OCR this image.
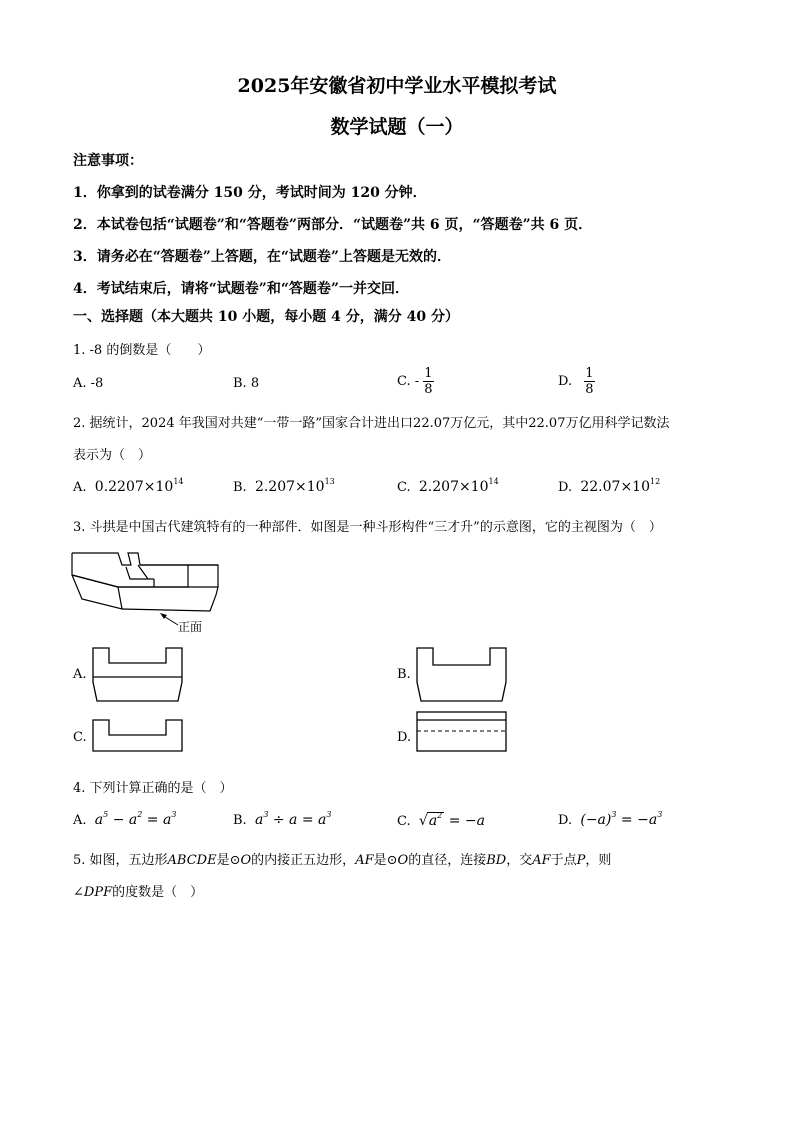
2025年安徽省初中学业水平模拟考试
数学试题（一）
注意事项：
1．你拿到的试卷满分 150 分，考试时间为 120 分钟．
2．本试卷包括“试题卷”和“答题卷”两部分．“试题卷”共 6 页，“答题卷”共 6 页．
3．请务必在“答题卷”上答题，在“试题卷”上答题是无效的．
4．考试结束后，请将“试题卷”和“答题卷”一并交回．
一、选择题（本大题共 10 小题，每小题 4 分，满分 40 分）
1. -8 的倒数是（　　）
A. -8	B. 8	C. - $\frac{1}{8}$	D. $\frac{1}{8}$
2. 据统计，2024 年我国对共建“一带一路”国家合计进出口22.07万亿元，其中22.07万亿用科学记数法
表示为（　）
A. $0.2207\times 10^{14}$	B. $2.207\times 10^{13}$	C. $2.207\times 10^{14}$	D. $22.07\times 10^{12}$
3. 斗拱是中国古代建筑特有的一种部件．如图是一种斗形构件“三才升”的示意图，它的主视图为（　）
正面
A.	B.
C.	D.
4. 下列计算正确的是（　）
A. $a^5 - a^2 = a^3$	B. $a^3 \div a = a^3$	C. $√a^2 = -a$	D. $(-a)^3 = -a^3$
5. 如图，五边形ABCDE是⊙O的内接正五边形，AF是⊙O的直径，连接BD，交AF于点P，则
∠DPF的度数是（　）
